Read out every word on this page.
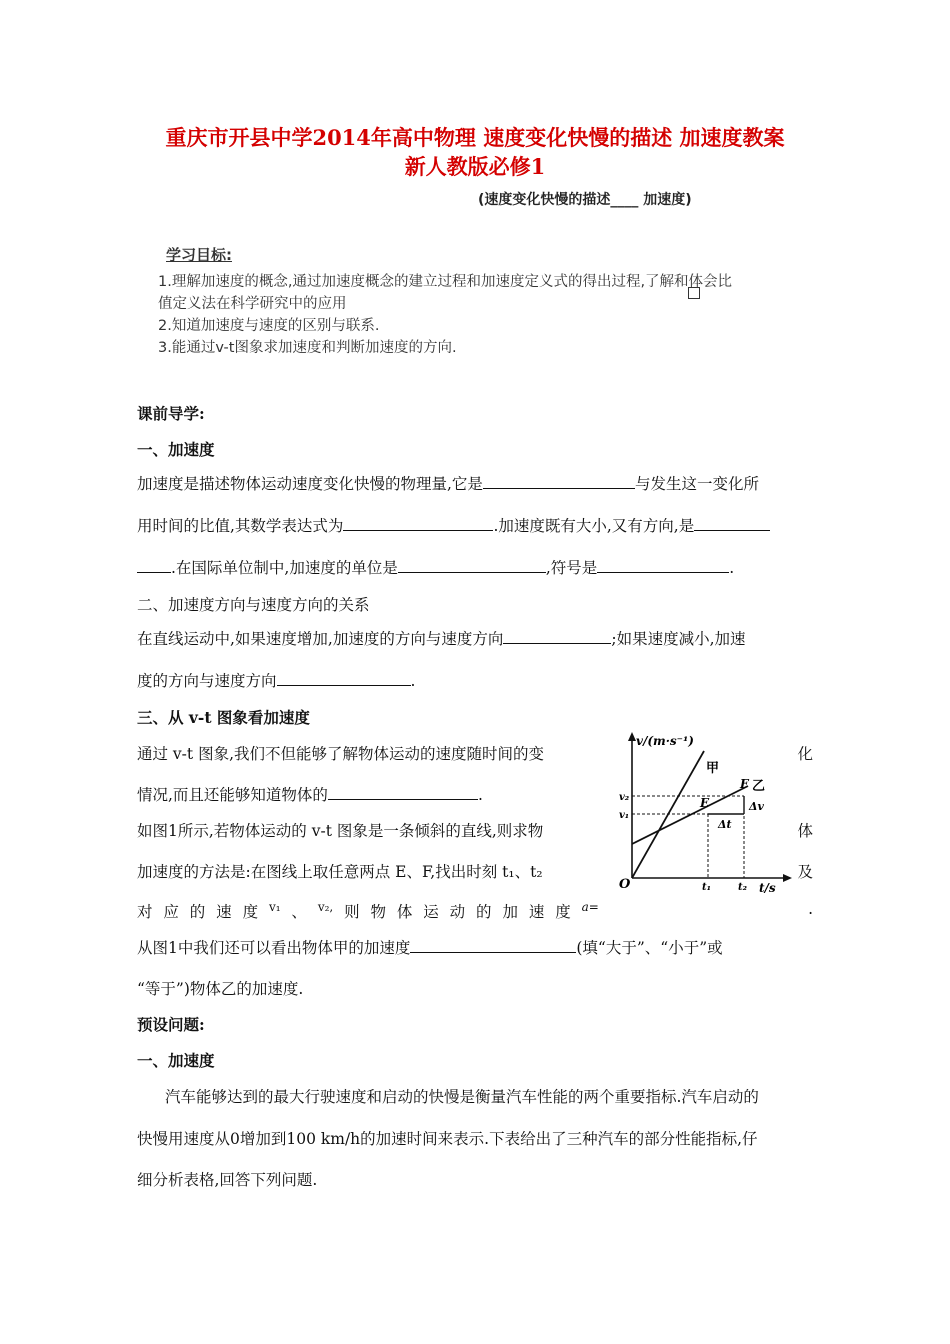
重庆市开县中学2014年高中物理 速度变化快慢的描述 加速度教案
新人教版必修1
(速度变化快慢的描述____ 加速度)
学习目标:
1.理解加速度的概念,通过加速度概念的建立过程和加速度定义式的得出过程,了解和体会比
值定义法在科学研究中的应用
2.知道加速度与速度的区别与联系.
3.能通过v-t图象求加速度和判断加速度的方向.
课前导学:
一、加速度
加速度是描述物体运动速度变化快慢的物理量,它是	与发生这一变化所
用时间的比值,其数学表达式为	.加速度既有大小,又有方向,是
.在国际单位制中,加速度的单位是	,符号是	.
二、加速度方向与速度方向的关系
在直线运动中,如果速度增加,加速度的方向与速度方向	;如果速度减小,加速
度的方向与速度方向	.
三、从 v-t 图象看加速度
通过 v-t 图象,我们不但能够了解物体运动的速度随时间的变	化
情况,而且还能够知道物体的	.
如图1所示,若物体运动的 v-t 图象是一条倾斜的直线,则求物	体
加速度的方法是:在图线上取任意两点 E、F,找出时刻 t₁、t₂	及
对 应 的 速 度 v₁ 、 v₂, 则 物 体 运 动 的 加 速 度 a=	.
从图1中我们还可以看出物体甲的加速度	(填“大于”、“小于”或
“等于”)物体乙的加速度.
v/(m·s⁻¹)
t/s
O
甲
乙
E
F
Δv
Δt
v₂
v₁
t₁	t₂
预设问题:
一、加速度
汽车能够达到的最大行驶速度和启动的快慢是衡量汽车性能的两个重要指标.汽车启动的
快慢用速度从0增加到100 km/h的加速时间来表示.下表给出了三种汽车的部分性能指标,仔
细分析表格,回答下列问题.
